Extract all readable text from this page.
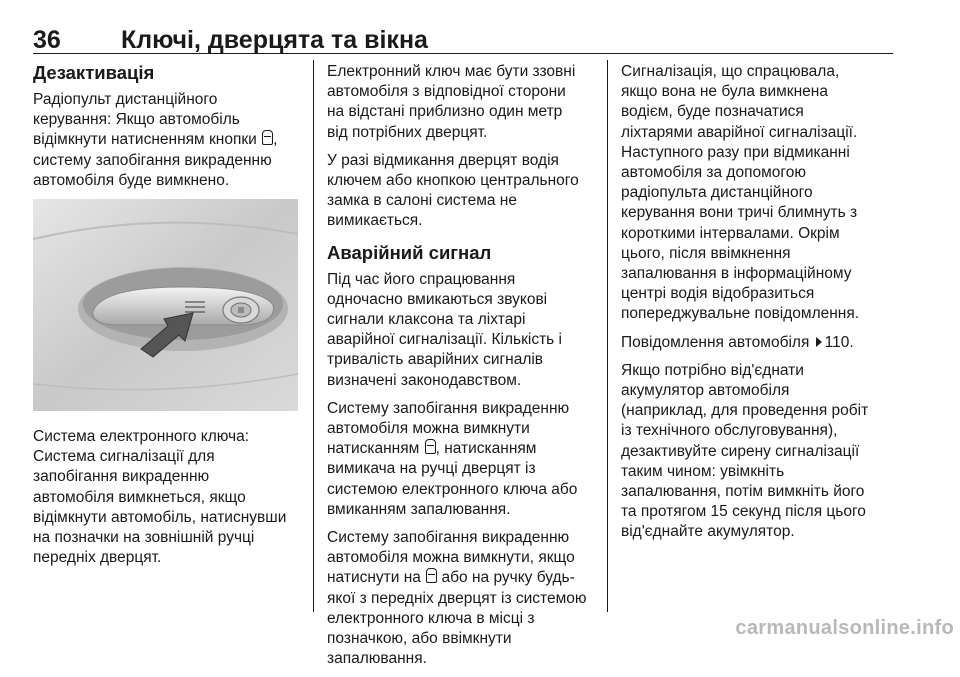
36 Ключі, дверцята та вікна
Дезактивація

Радіопульт дистанційного
керування: Якщо автомобіль
відімкнути натисненням кнопки ,
систему запобігання викраденню
автомобіля буде вимкнено.

Система електронного ключа:
Система сигналізації для
запобігання викраденню
автомобіля вимкнеться, якщо
відімкнути автомобіль, натиснувши
на позначки на зовнішній ручці
передніх дверцят.

Електронний ключ має бути ззовні
автомобіля з відповідної сторони
на відстані приблизно один метр
від потрібних дверцят.

У разі відмикання дверцят водія
ключем або кнопкою центрального
замка в салоні система не
вимикається.

Аварійний сигнал

Під час його спрацювання
одночасно вмикаються звукові
сигнали клаксона та ліхтарі
аварійної сигналізації. Кількість і
тривалість аварійних сигналів
визначені законодавством.

Систему запобігання викраденню
автомобіля можна вимкнути
натисканням , натисканням
вимикача на ручці дверцят із
системою електронного ключа або
вмиканням запалювання.

Систему запобігання викраденню
автомобіля можна вимкнути, якщо
натиснути на або на ручку будь-
якої з передніх дверцят із системою
електронного ключа в місці з
позначкою, або ввімкнути
запалювання.

Сигналізація, що спрацювала,
якщо вона не була вимкнена
водієм, буде позначатися
ліхтарями аварійної сигналізації.
Наступного разу при відмиканні
автомобіля за допомогою
радіопульта дистанційного
керування вони тричі блимнуть з
короткими інтервалами. Окрім
цього, після ввімкнення
запалювання в інформаційному
центрі водія відобразиться
попереджувальне повідомлення.

Повідомлення автомобіля 110.

Якщо потрібно від'єднати
акумулятор автомобіля
(наприклад, для проведення робіт
із технічного обслуговування),
дезактивуйте сирену сигналізації
таким чином: увімкніть
запалювання, потім вимкніть його
та протягом 15 секунд після цього
від'єднайте акумулятор.

carmanualsonline.info
